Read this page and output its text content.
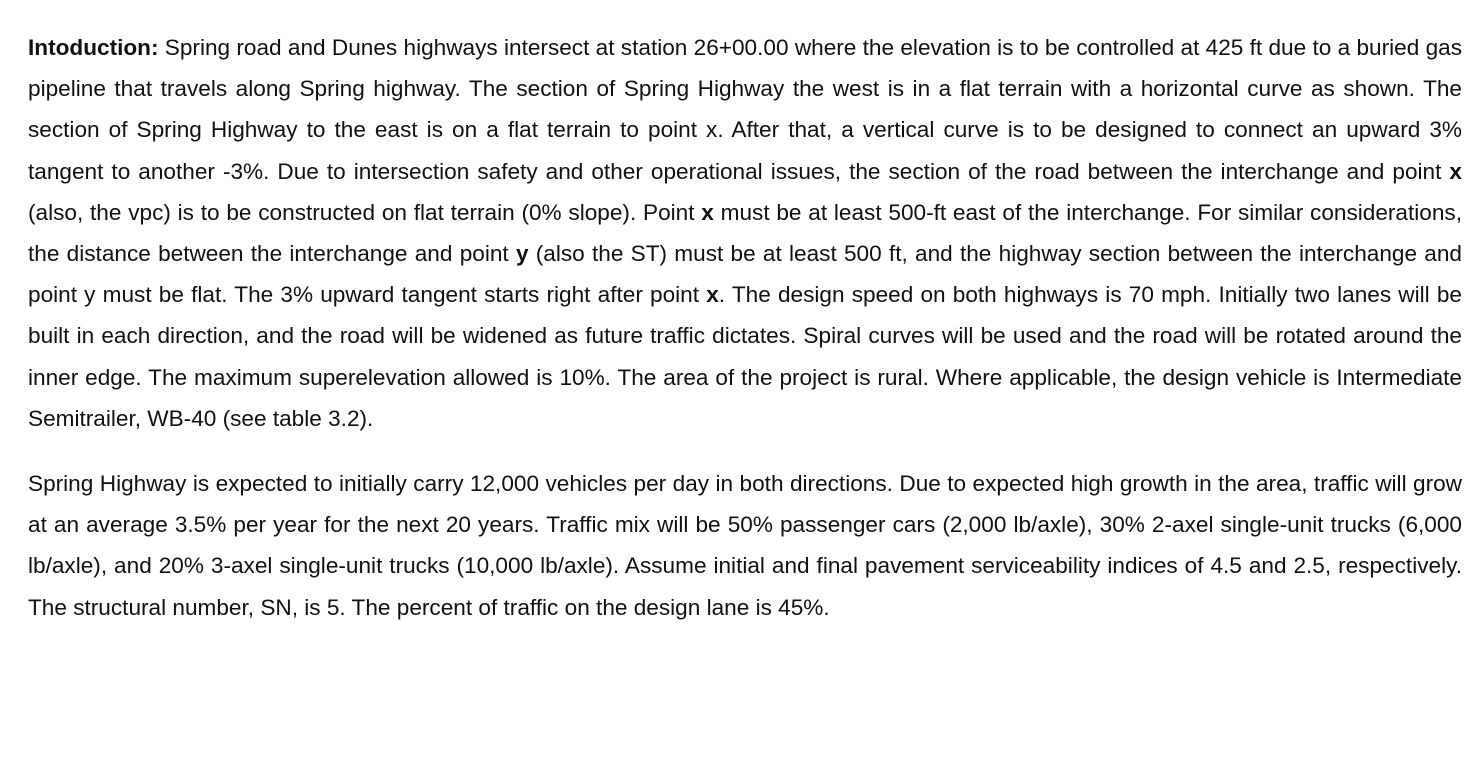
Intoduction: Spring road and Dunes highways intersect at station 26+00.00 where the elevation is to be controlled at 425 ft due to a buried gas pipeline that travels along Spring highway. The section of Spring Highway the west is in a flat terrain with a horizontal curve as shown. The section of Spring Highway to the east is on a flat terrain to point x. After that, a vertical curve is to be designed to connect an upward 3% tangent to another -3%. Due to intersection safety and other operational issues, the section of the road between the interchange and point x (also, the vpc) is to be constructed on flat terrain (0% slope). Point x must be at least 500-ft east of the interchange. For similar considerations, the distance between the interchange and point y (also the ST) must be at least 500 ft, and the highway section between the interchange and point y must be flat. The 3% upward tangent starts right after point x. The design speed on both highways is 70 mph. Initially two lanes will be built in each direction, and the road will be widened as future traffic dictates. Spiral curves will be used and the road will be rotated around the inner edge. The maximum superelevation allowed is 10%. The area of the project is rural. Where applicable, the design vehicle is Intermediate Semitrailer, WB-40 (see table 3.2).

Spring Highway is expected to initially carry 12,000 vehicles per day in both directions. Due to expected high growth in the area, traffic will grow at an average 3.5% per year for the next 20 years. Traffic mix will be 50% passenger cars (2,000 lb/axle), 30% 2-axel single-unit trucks (6,000 lb/axle), and 20% 3-axel single-unit trucks (10,000 lb/axle). Assume initial and final pavement serviceability indices of 4.5 and 2.5, respectively. The structural number, SN, is 5. The percent of traffic on the design lane is 45%.
